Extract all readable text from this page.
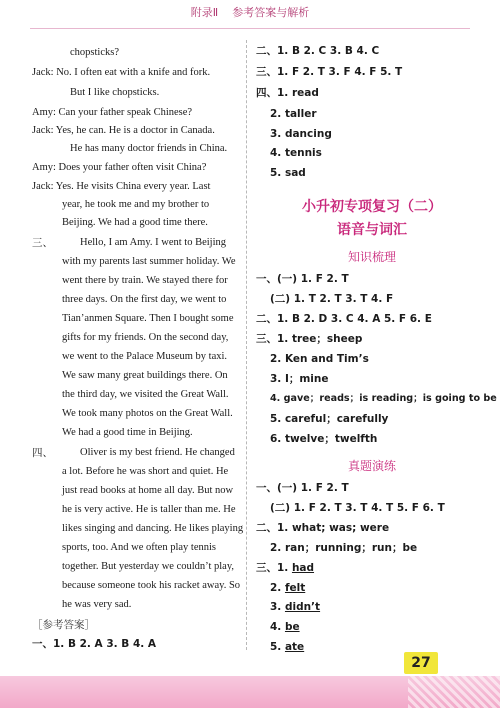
附录Ⅱ 参考答案与解析
chopsticks?
Jack: No. I often eat with a knife and fork.
But I like chopsticks.
Amy: Can your father speak Chinese?
Jack: Yes, he can. He is a doctor in Canada.
He has many doctor friends in China.
Amy: Does your father often visit China?
Jack: Yes. He visits China every year. Last
year, he took me and my brother to
Beijing. We had a good time there.
三、	Hello, I am Amy. I went to Beijing
with my parents last summer holiday. We
went there by train. We stayed there for
three days. On the first day, we went to
Tian’anmen Square. Then I bought some
gifts for my friends. On the second day,
we went to the Palace Museum by taxi.
We saw many great buildings there. On
the third day, we visited the Great Wall.
We took many photos on the Great Wall.
We had a good time in Beijing.
四、	Oliver is my best friend. He changed
a lot. Before he was short and quiet. He
just read books at home all day. But now
he is very active. He is taller than me. He
likes singing and dancing. He likes playing
sports, too. And we often play tennis
together. But yesterday we couldn’t play,
because someone took his racket away. So
he was very sad.
［参考答案］
一、1. B 2. A 3. B 4. A
二、1. B 2. C 3. B 4. C
三、1. F 2. T 3. F 4. F 5. T
四、1. read
2. taller
3. dancing
4. tennis
5. sad
小升初专项复习（二）
语音与词汇
知识梳理
一、(一) 1. F 2. T
(二) 1. T 2. T 3. T 4. F
二、1. B 2. D 3. C 4. A 5. F 6. E
三、1. tree；sheep
2. Ken and Tim’s
3. I；mine
4. gave；reads；is reading；is going to be
5. careful；carefully
6. twelve；twelfth
真题演练
一、(一) 1. F 2. T
(二) 1. F 2. T 3. T 4. T 5. F 6. T
二、1. what; was; were
2. ran；running；run；be
三、1. had
2. felt
3. didn’t
4. be
5. ate
27
